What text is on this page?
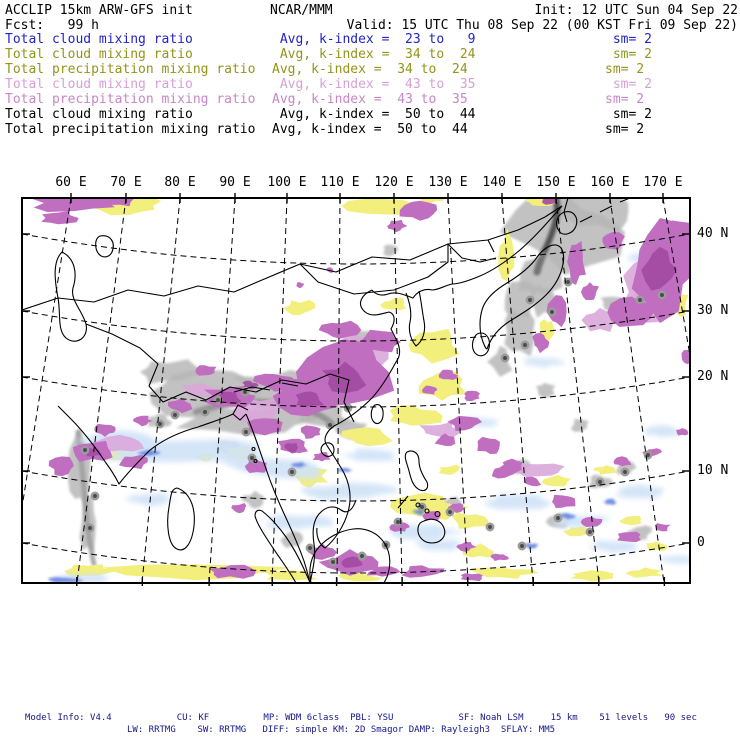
ACCLIP 15km ARW-GFS init	NCAR/MMM	Init: 12 UTC Sun 04 Sep 22
Fcst:   99 h	Valid: 15 UTC Thu 08 Sep 22 (00 KST Fri 09 Sep 22)
Total cloud mixing ratio	Avg, k-index =  23 to   9	sm= 2
Total cloud mixing ratio	Avg, k-index =  34 to  24	sm= 2
Total precipitation mixing ratio Avg, k-index =  34 to  24	sm= 2
Total cloud mixing ratio	Avg, k-index =  43 to  35	sm= 2
Total precipitation mixing ratio Avg, k-index =  43 to  35	sm= 2
Total cloud mixing ratio	Avg, k-index =  50 to  44	sm= 2
Total precipitation mixing ratio Avg, k-index =  50 to  44	sm= 2
60 E 70 E 80 E 90 E 100 E 110 E 120 E 130 E 140 E 150 E 160 E 170 E
40 N
30 N
20 N
10 N
0
Model Info: V4.4            CU: KF          MP: WDM 6class  PBL: YSU            SF: Noah LSM     15 km    51 levels   90 sec
LW: RRTMG    SW: RRTMG   DIFF: simple KM: 2D Smagor DAMP: Rayleigh3  SFLAY: MM5
